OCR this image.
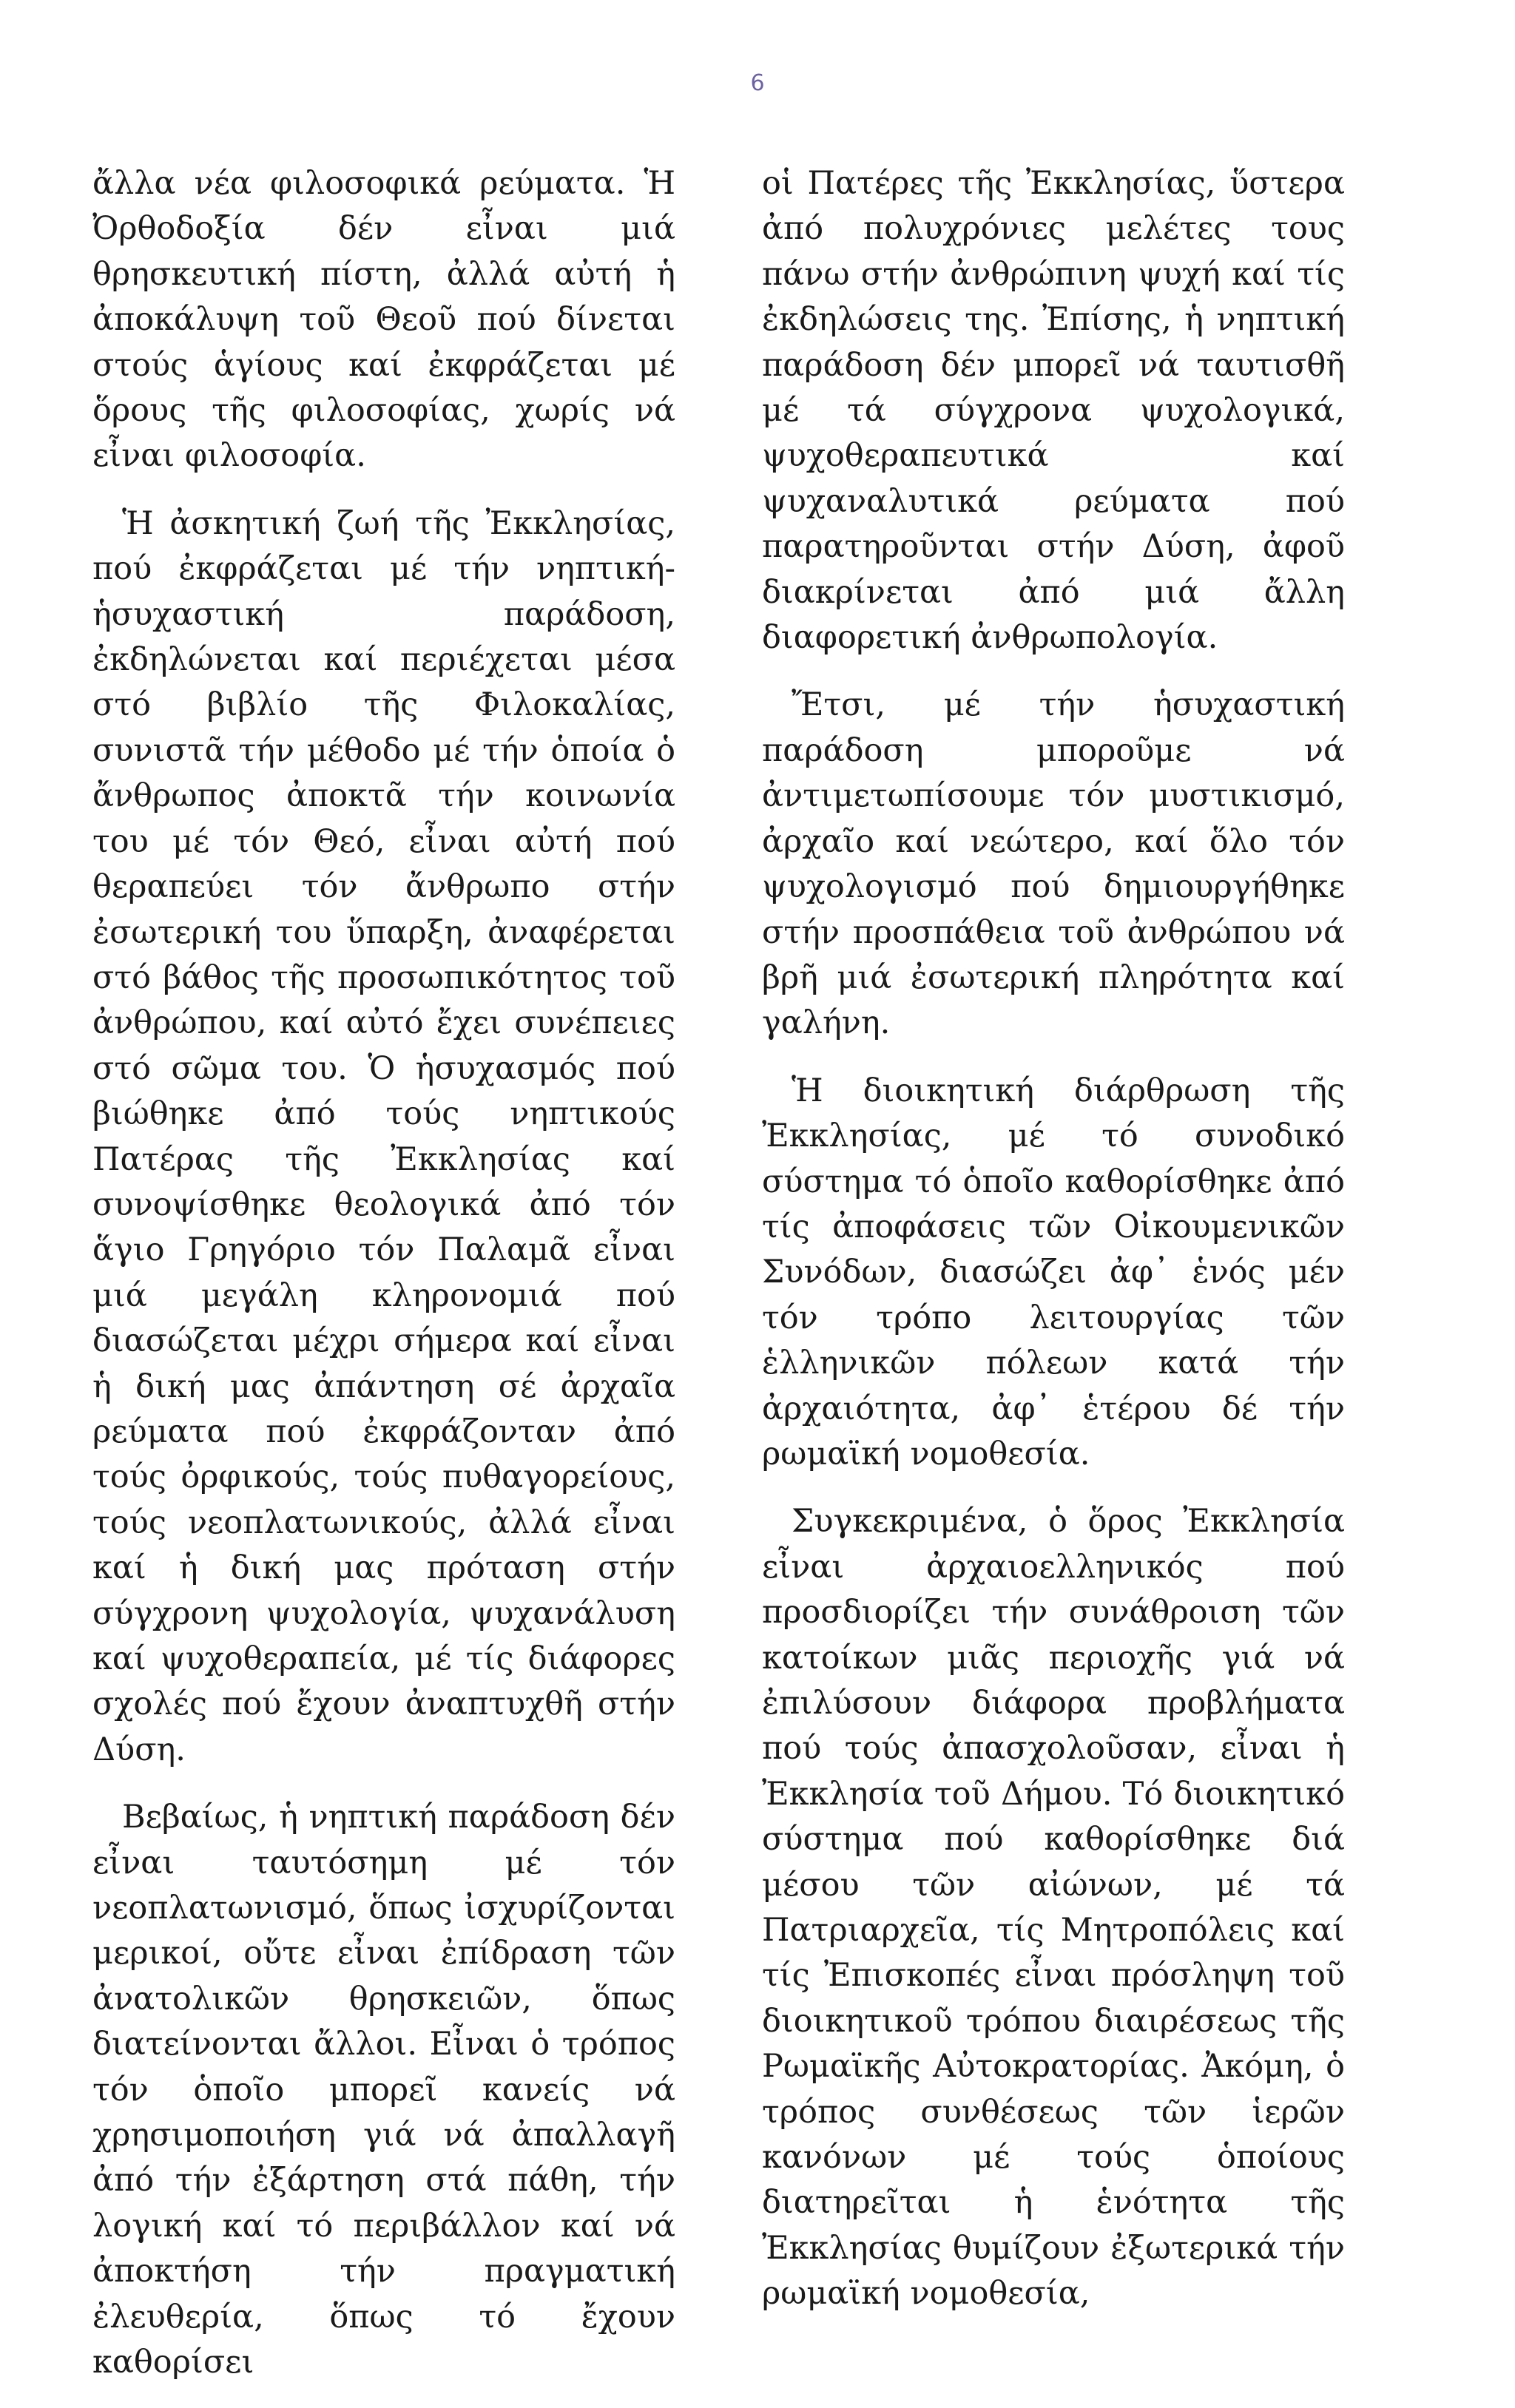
6

ἄλλα νέα φιλοσοφικά ρεύματα. Ἡ Ὀρθοδοξία δέν εἶναι μιά θρησκευτική πίστη, ἀλλά αὐτή ἡ ἀποκάλυψη τοῦ Θεοῦ πού δίνεται στούς ἁγίους καί ἐκφράζεται μέ ὅρους τῆς φιλοσοφίας, χωρίς νά εἶναι φιλοσοφία.

Ἡ ἀσκητική ζωή τῆς Ἐκκλησίας, πού ἐκφράζεται μέ τήν νηπτική-ἡσυχαστική παράδοση, ἐκδηλώνεται καί περιέχεται μέσα στό βιβλίο τῆς Φιλοκαλίας, συνιστᾶ τήν μέθοδο μέ τήν ὁποία ὁ ἄνθρωπος ἀποκτᾶ τήν κοινωνία του μέ τόν Θεό, εἶναι αὐτή πού θεραπεύει τόν ἄνθρωπο στήν ἐσωτερική του ὕπαρξη, ἀναφέρεται στό βάθος τῆς προσωπικότητος τοῦ ἀνθρώπου, καί αὐτό ἔχει συνέπειες στό σῶμα του. Ὁ ἡσυχασμός πού βιώθηκε ἀπό τούς νηπτικούς Πατέρας τῆς Ἐκκλησίας καί συνοψίσθηκε θεολογικά ἀπό τόν ἅγιο Γρηγόριο τόν Παλαμᾶ εἶναι μιά μεγάλη κληρονομιά πού διασώζεται μέχρι σήμερα καί εἶναι ἡ δική μας ἀπάντηση σέ ἀρχαῖα ρεύματα πού ἐκφράζονταν ἀπό τούς ὀρφικούς, τούς πυθαγορείους, τούς νεοπλατωνικούς, ἀλλά εἶναι καί ἡ δική μας πρόταση στήν σύγχρονη ψυχολογία, ψυχανάλυση καί ψυχοθεραπεία, μέ τίς διάφορες σχολές πού ἔχουν ἀναπτυχθῆ στήν Δύση.

Βεβαίως, ἡ νηπτική παράδοση δέν εἶναι ταυτόσημη μέ τόν νεοπλατωνισμό, ὅπως ἰσχυρίζονται μερικοί, οὔτε εἶναι ἐπίδραση τῶν ἀνατολικῶν θρησκειῶν, ὅπως διατείνονται ἄλλοι. Εἶναι ὁ τρόπος τόν ὁποῖο μπορεῖ κανείς νά χρησιμοποιήση γιά νά ἀπαλλαγῆ ἀπό τήν ἐξάρτηση στά πάθη, τήν λογική καί τό περιβάλλον καί νά ἀποκτήση τήν πραγματική ἐλευθερία, ὅπως τό ἔχουν καθορίσει

οἱ Πατέρες τῆς Ἐκκλησίας, ὕστερα ἀπό πολυχρόνιες μελέτες τους πάνω στήν ἀνθρώπινη ψυχή καί τίς ἐκδηλώσεις της. Ἐπίσης, ἡ νηπτική παράδοση δέν μπορεῖ νά ταυτισθῆ μέ τά σύγχρονα ψυχολογικά, ψυχοθεραπευτικά καί ψυχαναλυτικά ρεύματα πού παρατηροῦνται στήν Δύση, ἀφοῦ διακρίνεται ἀπό μιά ἄλλη διαφορετική ἀνθρωπολογία.

Ἔτσι, μέ τήν ἡσυχαστική παράδοση μποροῦμε νά ἀντιμετωπίσουμε τόν μυστικισμό, ἀρχαῖο καί νεώτερο, καί ὅλο τόν ψυχολογισμό πού δημιουργήθηκε στήν προσπάθεια τοῦ ἀνθρώπου νά βρῆ μιά ἐσωτερική πληρότητα καί γαλήνη.

Ἡ διοικητική διάρθρωση τῆς Ἐκκλησίας, μέ τό συνοδικό σύστημα τό ὁποῖο καθορίσθηκε ἀπό τίς ἀποφάσεις τῶν Οἰκουμενικῶν Συνόδων, διασώζει ἀφ᾽ ἑνός μέν τόν τρόπο λειτουργίας τῶν ἑλληνικῶν πόλεων κατά τήν ἀρχαιότητα, ἀφ᾽ ἑτέρου δέ τήν ρωμαϊκή νομοθεσία.

Συγκεκριμένα, ὁ ὅρος Ἐκκλησία εἶναι ἀρχαιοελληνικός πού προσδιορίζει τήν συνάθροιση τῶν κατοίκων μιᾶς περιοχῆς γιά νά ἐπιλύσουν διάφορα προβλήματα πού τούς ἀπασχολοῦσαν, εἶναι ἡ Ἐκκλησία τοῦ Δήμου. Τό διοικητικό σύστημα πού καθορίσθηκε διά μέσου τῶν αἰώνων, μέ τά Πατριαρχεῖα, τίς Μητροπόλεις καί τίς Ἐπισκοπές εἶναι πρόσληψη τοῦ διοικητικοῦ τρόπου διαιρέσεως τῆς Ρωμαϊκῆς Αὐτοκρατορίας. Ἀκόμη, ὁ τρόπος συνθέσεως τῶν ἱερῶν κανόνων μέ τούς ὁποίους διατηρεῖται ἡ ἑνότητα τῆς Ἐκκλησίας θυμίζουν ἐξωτερικά τήν ρωμαϊκή νομοθεσία,
